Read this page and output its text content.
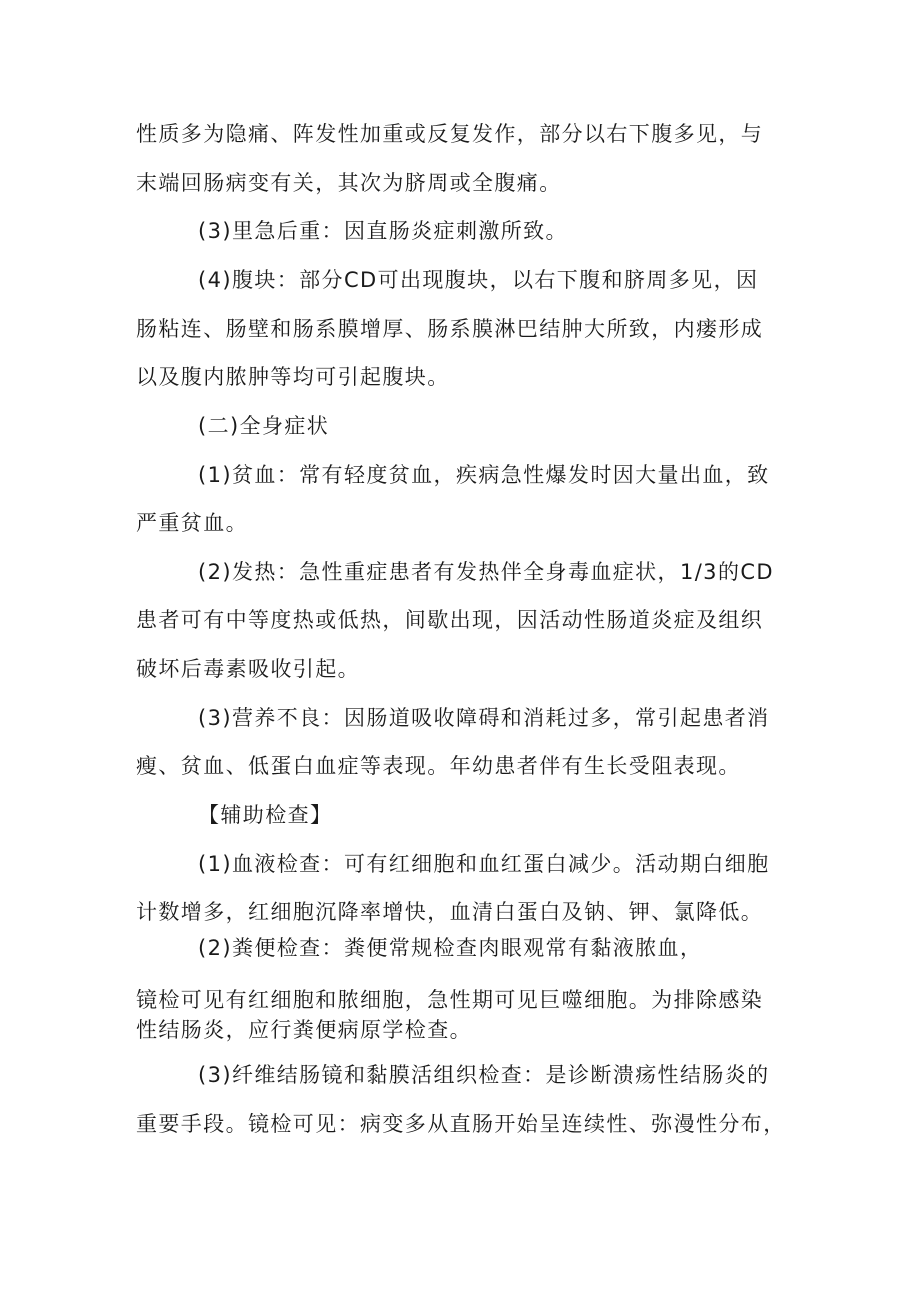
性质多为隐痛、阵发性加重或反复发作，部分以右下腹多见，与
末端回肠病变有关，其次为脐周或全腹痛。
(3)里急后重：因直肠炎症刺激所致。
(4)腹块：部分CD可出现腹块，以右下腹和脐周多见，因
肠粘连、肠壁和肠系膜增厚、肠系膜淋巴结肿大所致，内瘘形成
以及腹内脓肿等均可引起腹块。
(二)全身症状
(1)贫血：常有轻度贫血，疾病急性爆发时因大量出血，致
严重贫血。
(2)发热：急性重症患者有发热伴全身毒血症状，1/3的CD
患者可有中等度热或低热，间歇出现，因活动性肠道炎症及组织
破坏后毒素吸收引起。
(3)营养不良：因肠道吸收障碍和消耗过多，常引起患者消
瘦、贫血、低蛋白血症等表现。年幼患者伴有生长受阻表现。
【辅助检查】
(1)血液检查：可有红细胞和血红蛋白减少。活动期白细胞
计数增多，红细胞沉降率增快，血清白蛋白及钠、钾、氯降低。
(2)粪便检查：粪便常规检查肉眼观常有黏液脓血，
镜检可见有红细胞和脓细胞，急性期可见巨噬细胞。为排除感染
性结肠炎，应行粪便病原学检查。
(3)纤维结肠镜和黏膜活组织检查：是诊断溃疡性结肠炎的
重要手段。镜检可见：病变多从直肠开始呈连续性、弥漫性分布，
